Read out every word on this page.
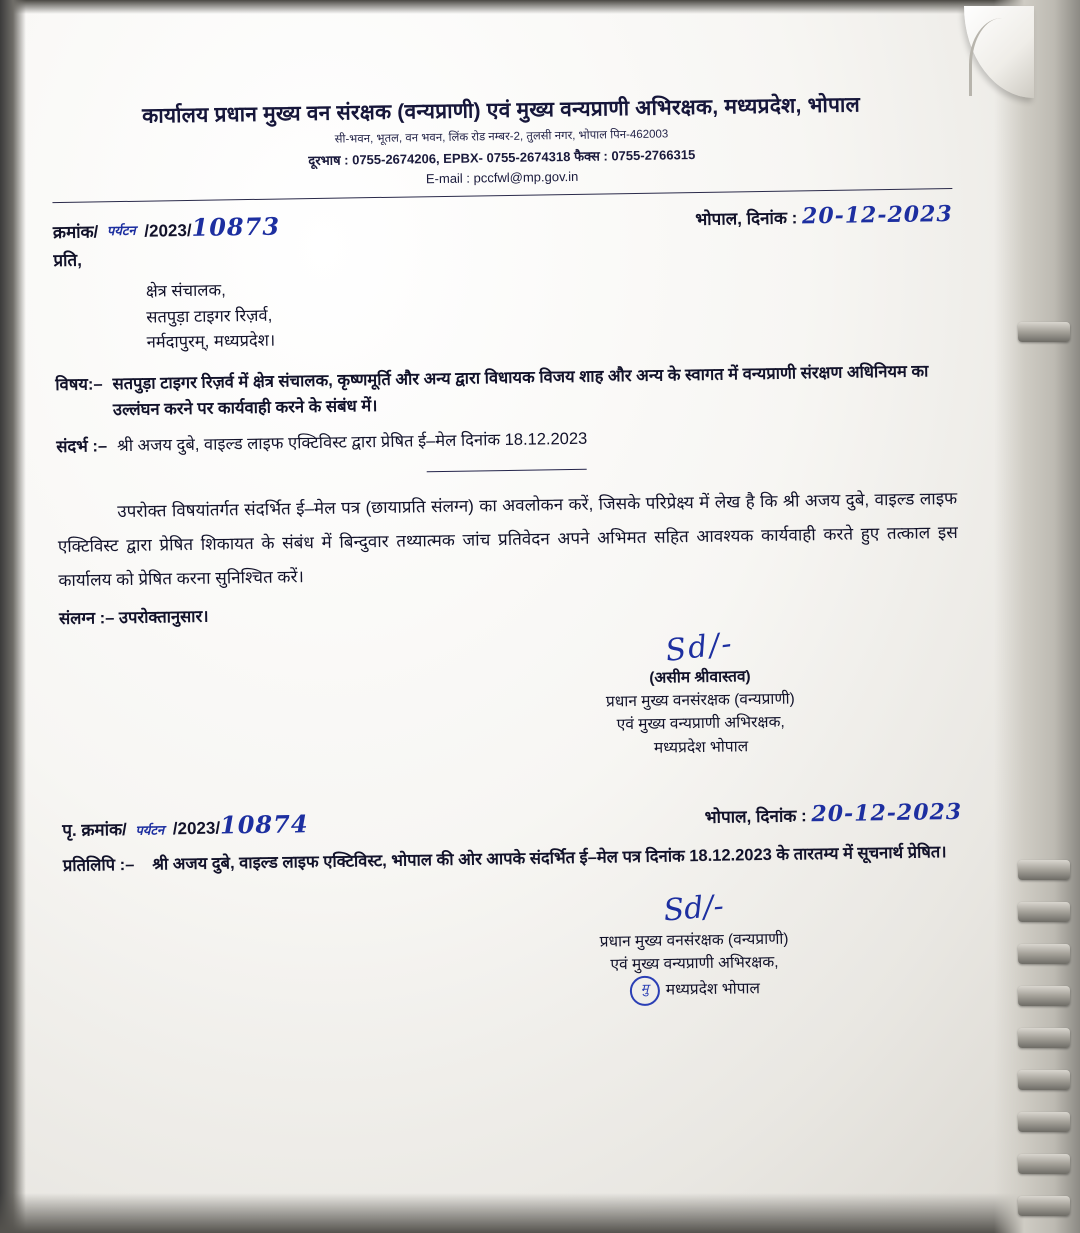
कार्यालय प्रधान मुख्य वन संरक्षक (वन्यप्राणी) एवं मुख्य वन्यप्राणी अभिरक्षक, मध्यप्रदेश, भोपाल
सी-भवन, भूतल, वन भवन, लिंक रोड नम्बर-2, तुलसी नगर, भोपाल पिन-462003
दूरभाष : 0755-2674206, EPBX- 0755-2674318 फैक्स : 0755-2766315
E-mail : pccfwl@mp.gov.in
क्रमांक/ पर्यटन /2023/10873	भोपाल, दिनांक : 20-12-2023
प्रति,
क्षेत्र संचालक,
सतपुड़ा टाइगर रिज़र्व,
नर्मदापुरम्, मध्यप्रदेश।
विषय:– सतपुड़ा टाइगर रिज़र्व में क्षेत्र संचालक, कृष्णमूर्ति और अन्य द्वारा विधायक विजय शाह और अन्य के स्वागत में वन्यप्राणी संरक्षण अधिनियम का उल्लंघन करने पर कार्यवाही करने के संबंध में।
संदर्भ :– श्री अजय दुबे, वाइल्ड लाइफ एक्टिविस्ट द्वारा प्रेषित ई–मेल दिनांक 18.12.2023
उपरोक्त विषयांतर्गत संदर्भित ई–मेल पत्र (छायाप्रति संलग्न) का अवलोकन करें, जिसके परिप्रेक्ष्य में लेख है कि श्री अजय दुबे, वाइल्ड लाइफ एक्टिविस्ट द्वारा प्रेषित शिकायत के संबंध में बिन्दुवार तथ्यात्मक जांच प्रतिवेदन अपने अभिमत सहित आवश्यक कार्यवाही करते हुए तत्काल इस कार्यालय को प्रेषित करना सुनिश्चित करें।
संलग्न :– उपरोक्तानुसार।
Sd/-
(असीम श्रीवास्तव)
प्रधान मुख्य वनसंरक्षक (वन्यप्राणी)
एवं मुख्य वन्यप्राणी अभिरक्षक,
मध्यप्रदेश भोपाल
पृ. क्रमांक/ पर्यटन /2023/10874	भोपाल, दिनांक : 20-12-2023
प्रतिलिपि :–	श्री अजय दुबे, वाइल्ड लाइफ एक्टिविस्ट, भोपाल की ओर आपके संदर्भित ई–मेल पत्र दिनांक 18.12.2023 के तारतम्य में सूचनार्थ प्रेषित।
Sd/-
प्रधान मुख्य वनसंरक्षक (वन्यप्राणी)
एवं मुख्य वन्यप्राणी अभिरक्षक,
मु मध्यप्रदेश भोपाल
